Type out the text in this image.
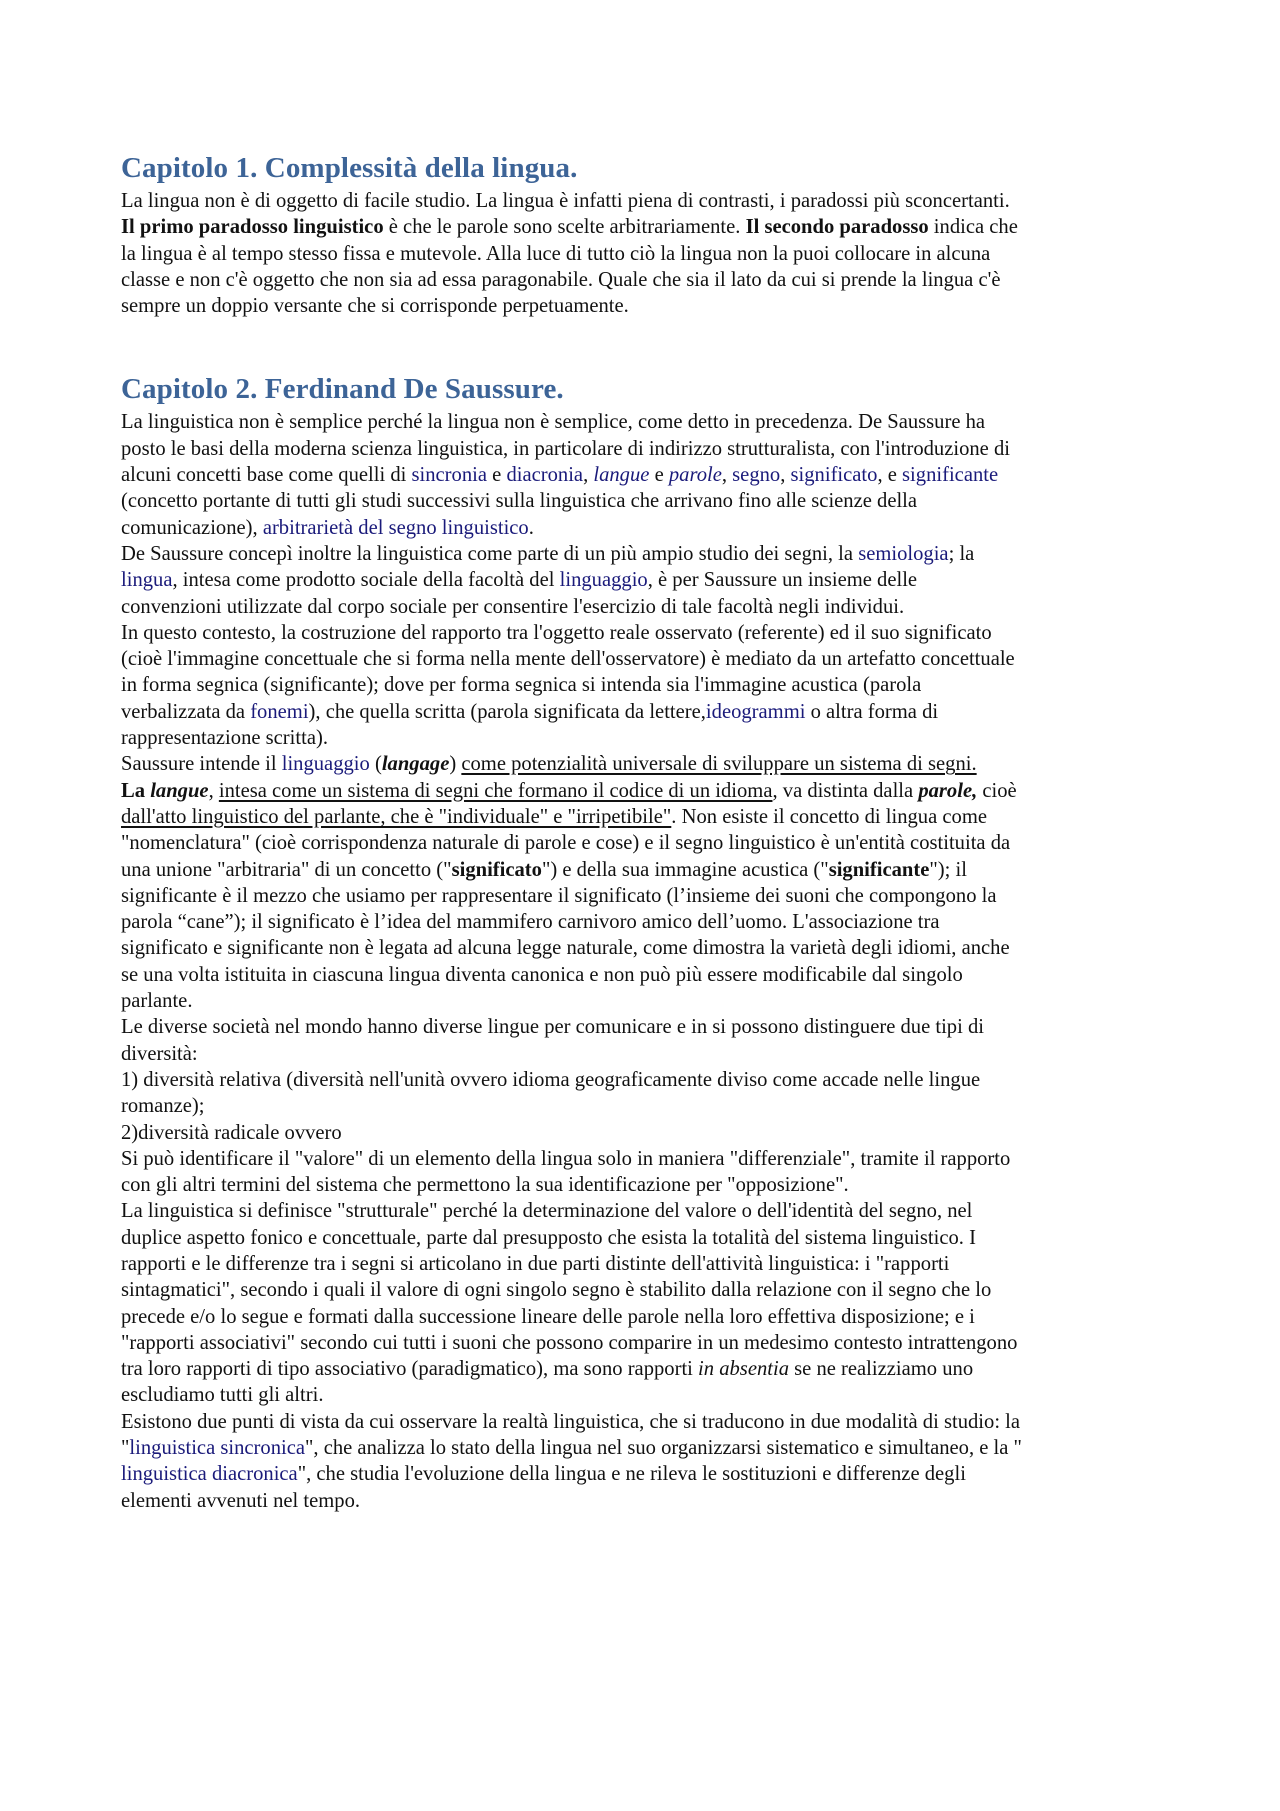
Capitolo 1. Complessità della lingua.
La lingua non è di oggetto di facile studio. La lingua è infatti piena di contrasti, i paradossi più sconcertanti.
Il primo paradosso linguistico è che le parole sono scelte arbitrariamente. Il secondo paradosso indica che
la lingua è al tempo stesso fissa e mutevole. Alla luce di tutto ciò la lingua non la puoi collocare in alcuna
classe e non c'è oggetto che non sia ad essa paragonabile. Quale che sia il lato da cui si prende la lingua c'è
sempre un doppio versante che si corrisponde perpetuamente.
Capitolo 2. Ferdinand De Saussure.
La linguistica non è semplice perché la lingua non è semplice, come detto in precedenza. De Saussure ha
posto le basi della moderna scienza linguistica, in particolare di indirizzo strutturalista, con l'introduzione di
alcuni concetti base come quelli di sincronia e diacronia, langue e parole, segno, significato, e significante
(concetto portante di tutti gli studi successivi sulla linguistica che arrivano fino alle scienze della
comunicazione), arbitrarietà del segno linguistico.
De Saussure concepì inoltre la linguistica come parte di un più ampio studio dei segni, la semiologia; la
lingua, intesa come prodotto sociale della facoltà del linguaggio, è per Saussure un insieme delle
convenzioni utilizzate dal corpo sociale per consentire l'esercizio di tale facoltà negli individui.
In questo contesto, la costruzione del rapporto tra l'oggetto reale osservato (referente) ed il suo significato
(cioè l'immagine concettuale che si forma nella mente dell'osservatore) è mediato da un artefatto concettuale
in forma segnica (significante); dove per forma segnica si intenda sia l'immagine acustica (parola
verbalizzata da fonemi), che quella scritta (parola significata da lettere,ideogrammi o altra forma di
rappresentazione scritta).
Saussure intende il linguaggio (langage) come potenzialità universale di sviluppare un sistema di segni.
La langue, intesa come un sistema di segni che formano il codice di un idioma, va distinta dalla parole, cioè
dall'atto linguistico del parlante, che è "individuale" e "irripetibile". Non esiste il concetto di lingua come
"nomenclatura" (cioè corrispondenza naturale di parole e cose) e il segno linguistico è un'entità costituita da
una unione "arbitraria" di un concetto ("significato") e della sua immagine acustica ("significante"); il
significante è il mezzo che usiamo per rappresentare il significato (l’insieme dei suoni che compongono la
parola “cane”); il significato è l’idea del mammifero carnivoro amico dell’uomo. L'associazione tra
significato e significante non è legata ad alcuna legge naturale, come dimostra la varietà degli idiomi, anche
se una volta istituita in ciascuna lingua diventa canonica e non può più essere modificabile dal singolo
parlante.
Le diverse società nel mondo hanno diverse lingue per comunicare e in si possono distinguere due tipi di
diversità:
1) diversità relativa (diversità nell'unità ovvero idioma geograficamente diviso come accade nelle lingue
romanze);
2)diversità radicale ovvero
Si può identificare il "valore" di un elemento della lingua solo in maniera "differenziale", tramite il rapporto
con gli altri termini del sistema che permettono la sua identificazione per "opposizione".
La linguistica si definisce "strutturale" perché la determinazione del valore o dell'identità del segno, nel
duplice aspetto fonico e concettuale, parte dal presupposto che esista la totalità del sistema linguistico. I
rapporti e le differenze tra i segni si articolano in due parti distinte dell'attività linguistica: i "rapporti
sintagmatici", secondo i quali il valore di ogni singolo segno è stabilito dalla relazione con il segno che lo
precede e/o lo segue e formati dalla successione lineare delle parole nella loro effettiva disposizione; e i
"rapporti associativi" secondo cui tutti i suoni che possono comparire in un medesimo contesto intrattengono
tra loro rapporti di tipo associativo (paradigmatico), ma sono rapporti in absentia se ne realizziamo uno
escludiamo tutti gli altri.
Esistono due punti di vista da cui osservare la realtà linguistica, che si traducono in due modalità di studio: la
"linguistica sincronica", che analizza lo stato della lingua nel suo organizzarsi sistematico e simultaneo, e la "
linguistica diacronica", che studia l'evoluzione della lingua e ne rileva le sostituzioni e differenze degli
elementi avvenuti nel tempo.
